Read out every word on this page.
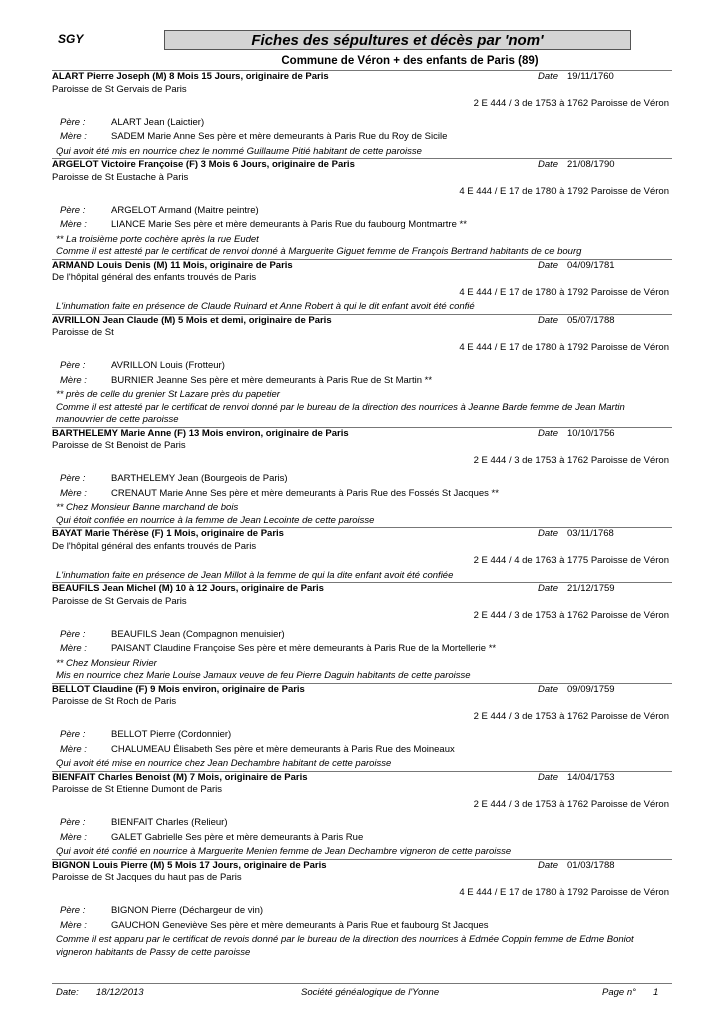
SGY	Fiches des sépultures et décès par 'nom'
Commune de Véron + des enfants de Paris (89)
ALART Pierre Joseph (M) 8 Mois 15 Jours, originaire de Paris	Date 19/11/1760
Paroisse de St Gervais de Paris
2 E 444 / 3 de 1753 à 1762 Paroisse de Véron
Père :	ALART Jean (Laictier)
Mère :	SADEM Marie Anne Ses père et mère demeurants à Paris Rue du Roy de Sicile
Qui avoit été mis en nourrice chez le nommé Guillaume Pitié habitant de cette paroisse
ARGELOT Victoire Françoise (F) 3 Mois 6 Jours, originaire de Paris	Date 21/08/1790
Paroisse de St Eustache à Paris
4 E 444 / E 17 de 1780 à 1792 Paroisse de Véron
Père :	ARGELOT Armand (Maitre peintre)
Mère :	LIANCE Marie Ses père et mère demeurants à Paris Rue du faubourg Montmartre **
** La troisième porte cochère après la rue Eudet
Comme il est attesté par le certificat de renvoi donné à Marguerite Giguet femme de François Bertrand habitants de ce bourg
ARMAND Louis Denis (M) 11 Mois, originaire de Paris	Date 04/09/1781
De l'hôpital général des enfants trouvés de Paris
4 E 444 / E 17 de 1780 à 1792 Paroisse de Véron
L'inhumation faite en présence de Claude Ruinard et Anne Robert à qui le dit enfant avoit été confié
AVRILLON Jean Claude (M) 5 Mois et demi, originaire de Paris	Date 05/07/1788
Paroisse de St
4 E 444 / E 17 de 1780 à 1792 Paroisse de Véron
Père :	AVRILLON Louis (Frotteur)
Mère :	BURNIER Jeanne Ses père et mère demeurants à Paris Rue de St Martin **
** près de celle du grenier St Lazare près du papetier
Comme il est attesté par le certificat de renvoi donné par le bureau de la direction des nourrices à Jeanne Barde femme de Jean Martin
manouvrier de cette paroisse
BARTHELEMY Marie Anne (F) 13 Mois environ, originaire de Paris	Date 10/10/1756
Paroisse de St Benoist de Paris
2 E 444 / 3 de 1753 à 1762 Paroisse de Véron
Père :	BARTHELEMY Jean (Bourgeois de Paris)
Mère :	CRENAUT Marie Anne Ses père et mère demeurants à Paris Rue des Fossés St Jacques **
** Chez Monsieur Banne marchand de bois
Qui étoit confiée en nourrice à la femme de Jean Lecointe de cette paroisse
BAYAT Marie Thérèse (F) 1 Mois, originaire de Paris	Date 03/11/1768
De l'hôpital général des enfants trouvés de Paris
2 E 444 / 4 de 1763 à 1775 Paroisse de Véron
L'inhumation faite en présence de Jean Millot à la femme de qui la dite enfant avoit été confiée
BEAUFILS Jean Michel (M) 10 à 12 Jours, originaire de Paris	Date 21/12/1759
Paroisse de St Gervais de Paris
2 E 444 / 3 de 1753 à 1762 Paroisse de Véron
Père :	BEAUFILS Jean (Compagnon menuisier)
Mère :	PAISANT Claudine Françoise Ses père et mère demeurants à Paris Rue de la Mortellerie **
** Chez Monsieur Rivier
Mis en nourrice chez Marie Louise Jamaux veuve de feu Pierre Daguin habitants de cette paroisse
BELLOT Claudine (F) 9 Mois environ, originaire de Paris	Date 09/09/1759
Paroisse de St Roch de Paris
2 E 444 / 3 de 1753 à 1762 Paroisse de Véron
Père :	BELLOT Pierre (Cordonnier)
Mère :	CHALUMEAU Élisabeth Ses père et mère demeurants à Paris Rue des Moineaux
Qui avoit été mise en nourrice chez Jean Dechambre habitant de cette paroisse
BIENFAIT Charles Benoist (M) 7 Mois, originaire de Paris	Date 14/04/1753
Paroisse de St Etienne Dumont de Paris
2 E 444 / 3 de 1753 à 1762 Paroisse de Véron
Père :	BIENFAIT Charles (Relieur)
Mère :	GALET Gabrielle Ses père et mère demeurants à Paris Rue
Qui avoit été confié en nourrice à Marguerite Menien femme de Jean Dechambre vigneron de cette paroisse
BIGNON Louis Pierre (M) 5 Mois 17 Jours, originaire de Paris	Date 01/03/1788
Paroisse de St Jacques du haut pas de Paris
4 E 444 / E 17 de 1780 à 1792 Paroisse de Véron
Père :	BIGNON Pierre (Déchargeur de vin)
Mère :	GAUCHON Geneviève Ses père et mère demeurants à Paris Rue et faubourg St Jacques
Comme il est apparu par le certificat de revois donné par le bureau de la direction des nourrices à Edmée Coppin femme de Edme Boniot
vigneron habitants de Passy de cette paroisse
Date: 18/12/2013	Société généalogique de l'Yonne	Page n° 1
